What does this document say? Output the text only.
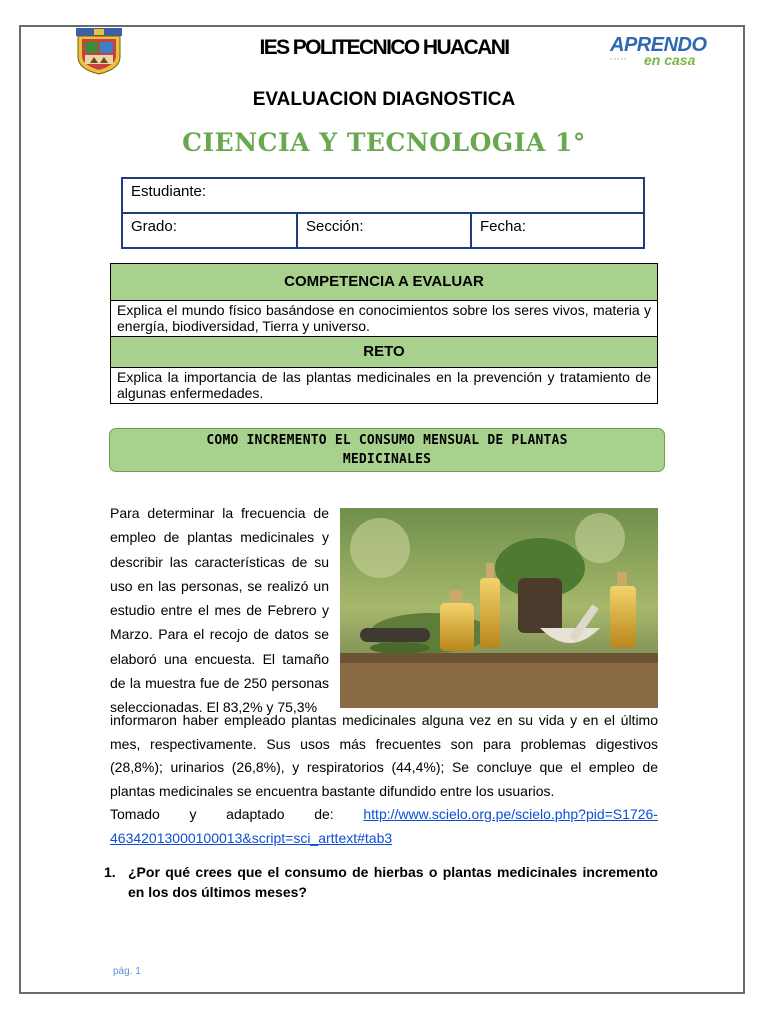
IES POLITECNICO HUACANI	APRENDO
◦◦◦◦◦ en casa
EVALUACION DIAGNOSTICA
CIENCIA Y TECNOLOGIA 1°
Estudiante:
Grado:	Sección:	Fecha:
COMPETENCIA A EVALUAR
Explica el mundo físico basándose en conocimientos sobre los seres vivos, materia y energía, biodiversidad, Tierra y universo.
RETO
Explica la importancia de las plantas medicinales en la prevención y tratamiento de algunas enfermedades.
COMO INCREMENTO EL CONSUMO MENSUAL DE PLANTAS
MEDICINALES
Para determinar la frecuencia de empleo de plantas medicinales y describir las características de su uso en las personas, se realizó un estudio entre el mes de Febrero y Marzo. Para el recojo de datos se elaboró una encuesta. El tamaño de la muestra fue de 250 personas seleccionadas. El 83,2% y 75,3%
informaron haber empleado plantas medicinales alguna vez en su vida y en el último mes, respectivamente. Sus usos más frecuentes son para problemas digestivos (28,8%); urinarios (26,8%), y respiratorios (44,4%); Se concluye que el empleo de plantas medicinales se encuentra bastante difundido entre los usuarios.
Tomado y adaptado de: http://www.scielo.org.pe/scielo.php?pid=S1726-
46342013000100013&script=sci_arttext#tab3
1. ¿Por qué crees que el consumo de hierbas o plantas medicinales incremento en los dos últimos meses?
pág. 1
